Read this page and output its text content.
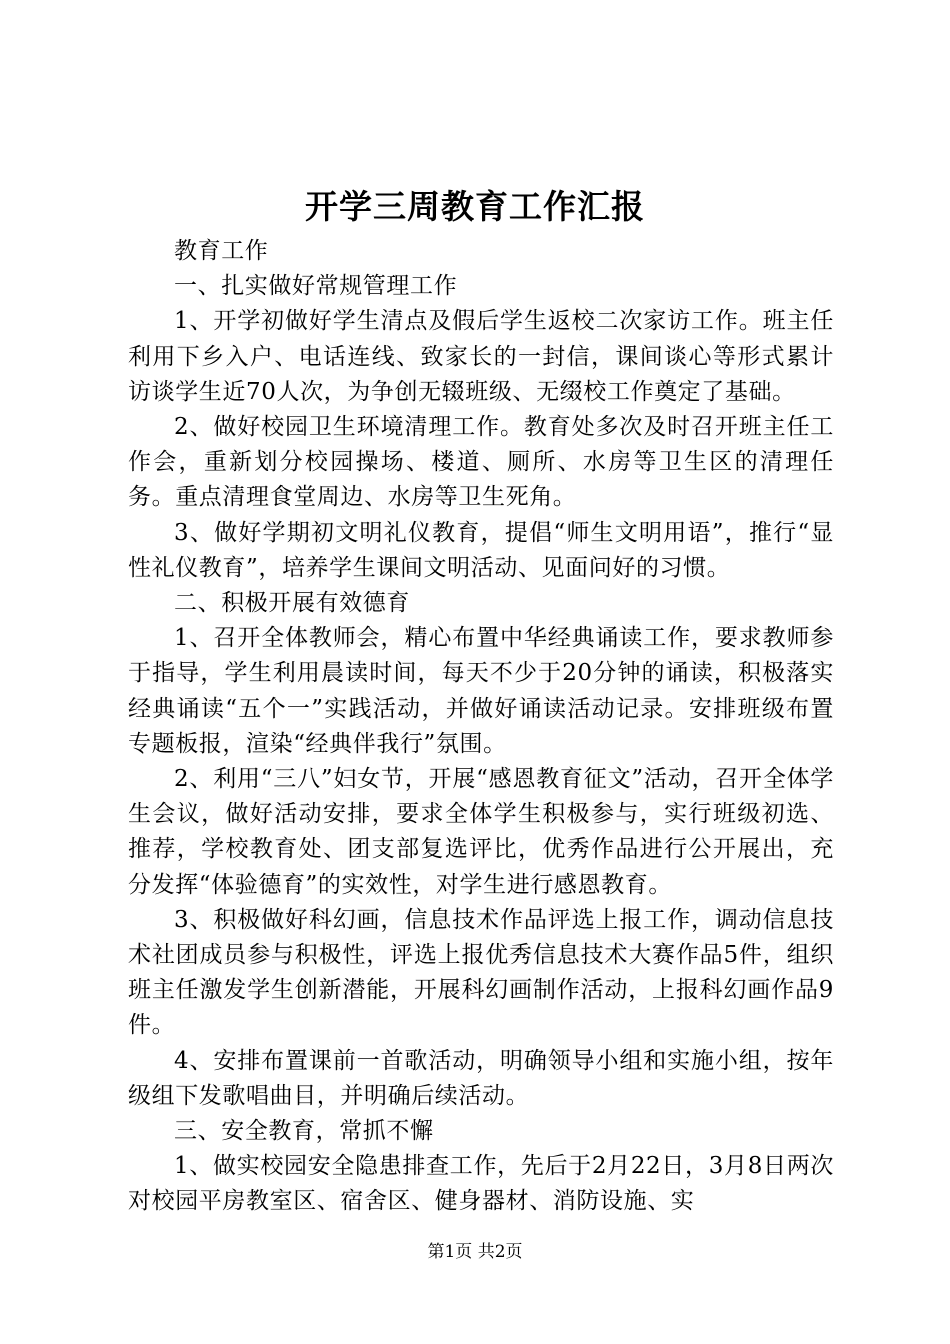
开学三周教育工作汇报

教育工作

一、扎实做好常规管理工作

1、开学初做好学生清点及假后学生返校二次家访工作。班主任利用下乡入户、电话连线、致家长的一封信，课间谈心等形式累计访谈学生近70人次，为争创无辍班级、无缀校工作奠定了基础。

2、做好校园卫生环境清理工作。教育处多次及时召开班主任工作会，重新划分校园操场、楼道、厕所、水房等卫生区的清理任务。重点清理食堂周边、水房等卫生死角。

3、做好学期初文明礼仪教育，提倡“师生文明用语”，推行“显性礼仪教育”，培养学生课间文明活动、见面问好的习惯。

二、积极开展有效德育

1、召开全体教师会，精心布置中华经典诵读工作，要求教师参于指导，学生利用晨读时间，每天不少于20分钟的诵读，积极落实经典诵读“五个一”实践活动，并做好诵读活动记录。安排班级布置专题板报，渲染“经典伴我行”氛围。

2、利用“三八”妇女节，开展“感恩教育征文”活动，召开全体学生会议，做好活动安排，要求全体学生积极参与，实行班级初选、推荐，学校教育处、团支部复选评比，优秀作品进行公开展出，充分发挥“体验德育”的实效性，对学生进行感恩教育。

3、积极做好科幻画，信息技术作品评选上报工作，调动信息技术社团成员参与积极性，评选上报优秀信息技术大赛作品5件，组织班主任激发学生创新潜能，开展科幻画制作活动，上报科幻画作品9件。

4、安排布置课前一首歌活动，明确领导小组和实施小组，按年级组下发歌唱曲目，并明确后续活动。

三、安全教育，常抓不懈

1、做实校园安全隐患排查工作，先后于2月22日，3月8日两次对校园平房教室区、宿舍区、健身器材、消防设施、实

第1页 共2页
